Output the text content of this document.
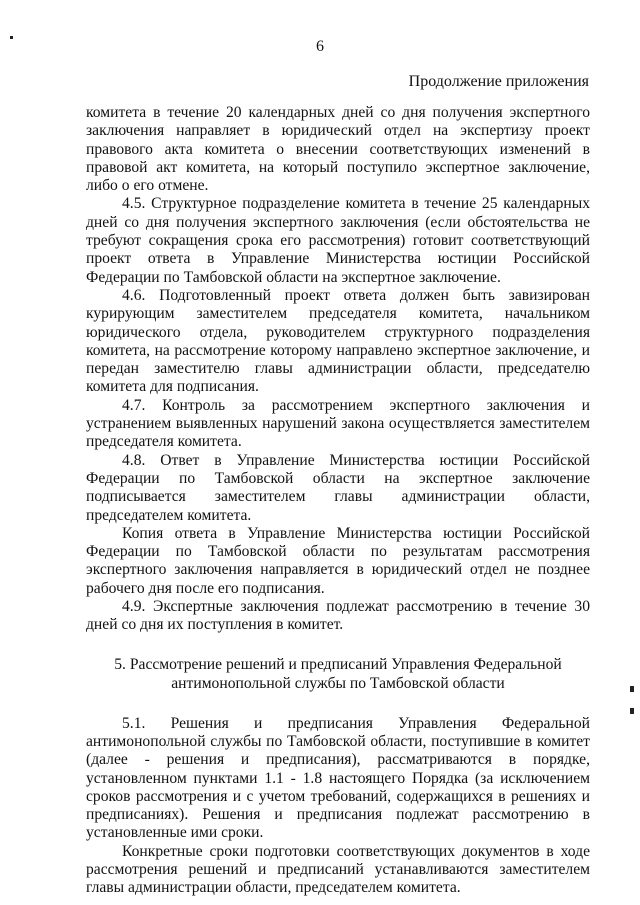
6
Продолжение приложения

комитета в течение 20 календарных дней со дня получения экспертного заключения направляет в юридический отдел на экспертизу проект правового акта комитета о внесении соответствующих изменений в правовой акт комитета, на который поступило экспертное заключение, либо о его отмене.

4.5. Структурное подразделение комитета в течение 25 календарных дней со дня получения экспертного заключения (если обстоятельства не требуют сокращения срока его рассмотрения) готовит соответствующий проект ответа в Управление Министерства юстиции Российской Федерации по Тамбовской области на экспертное заключение.

4.6. Подготовленный проект ответа должен быть завизирован курирующим заместителем председателя комитета, начальником юридического отдела, руководителем структурного подразделения комитета, на рассмотрение которому направлено экспертное заключение, и передан заместителю главы администрации области, председателю комитета для подписания.

4.7. Контроль за рассмотрением экспертного заключения и устранением выявленных нарушений закона осуществляется заместителем председателя комитета.

4.8. Ответ в Управление Министерства юстиции Российской Федерации по Тамбовской области на экспертное заключение подписывается заместителем главы администрации области, председателем комитета.

Копия ответа в Управление Министерства юстиции Российской Федерации по Тамбовской области по результатам рассмотрения экспертного заключения направляется в юридический отдел не позднее рабочего дня после его подписания.

4.9. Экспертные заключения подлежат рассмотрению в течение 30 дней со дня их поступления в комитет.

5. Рассмотрение решений и предписаний Управления Федеральной
антимонопольной службы по Тамбовской области

5.1. Решения и предписания Управления Федеральной антимонопольной службы по Тамбовской области, поступившие в комитет (далее - решения и предписания), рассматриваются в порядке, установленном пунктами 1.1 - 1.8 настоящего Порядка (за исключением сроков рассмотрения и с учетом требований, содержащихся в решениях и предписаниях). Решения и предписания подлежат рассмотрению в установленные ими сроки.

Конкретные сроки подготовки соответствующих документов в ходе рассмотрения решений и предписаний устанавливаются заместителем главы администрации области, председателем комитета.
